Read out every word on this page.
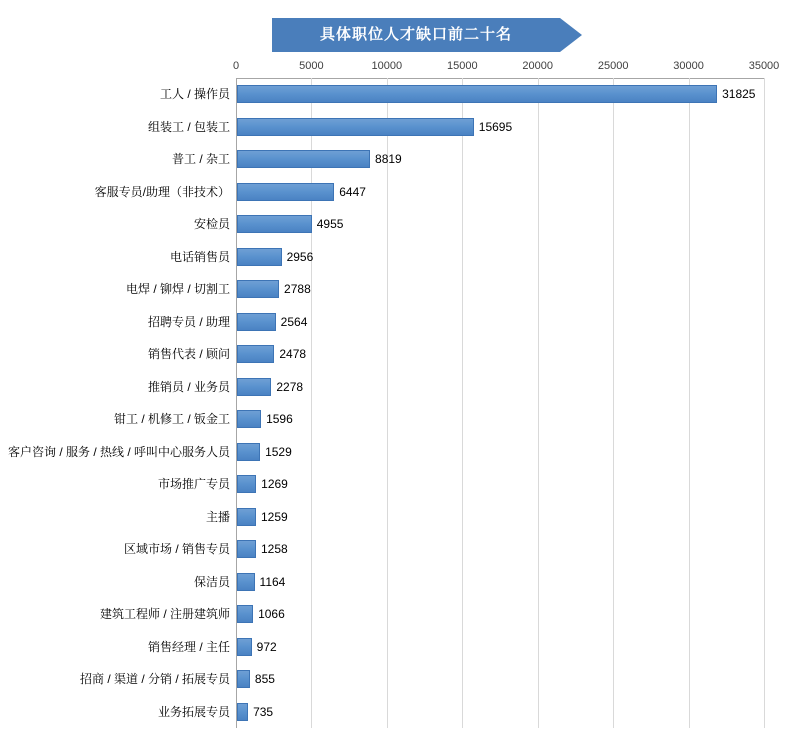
具体职位人才缺口前二十名
0	5000	10000	15000	20000	25000	30000	35000
工人 / 操作员	31825
组装工 / 包装工	15695
普工 / 杂工	8819
客服专员/助理（非技术）	6447
安检员	4955
电话销售员	2956
电焊 / 铆焊 / 切割工	2788
招聘专员 / 助理	2564
销售代表 / 顾问	2478
推销员 / 业务员	2278
钳工 / 机修工 / 钣金工	1596
客户咨询 / 服务 / 热线 / 呼叫中心服务人员	1529
市场推广专员	1269
主播	1259
区域市场 / 销售专员	1258
保洁员 1164
建筑工程师 / 注册建筑师 1066
销售经理 / 主任 972
招商 / 渠道 / 分销 / 拓展专员 855
业务拓展专员 735
